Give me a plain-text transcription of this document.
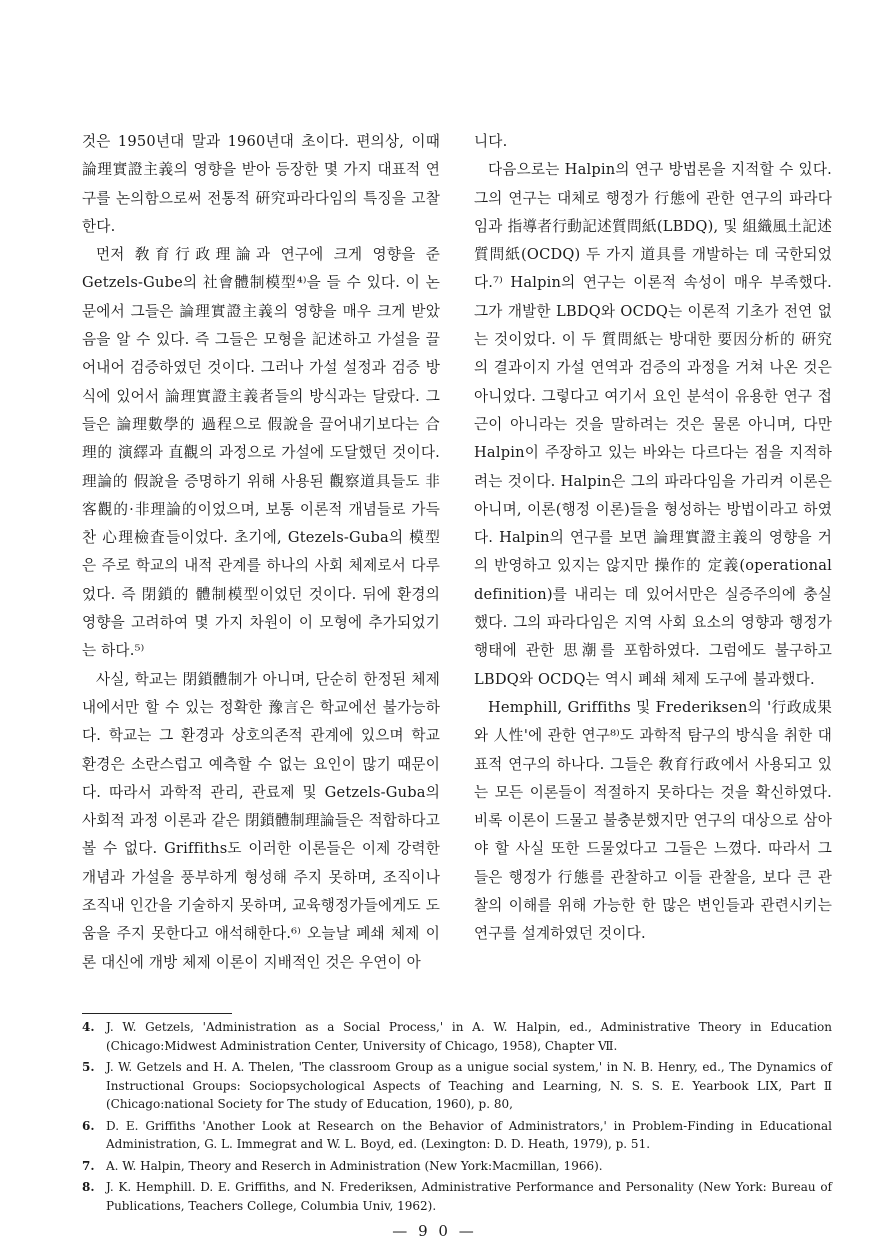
것은 1950년대 말과 1960년대 초이다. 편의상, 이때 論理實證主義의 영향을 받아 등장한 몇 가지 대표적 연구를 논의함으로써 전통적 硏究파라다임의 특징을 고찰한다.

먼저 敎育行政理論과 연구에 크게 영향을 준 Getzels-Gube의 社會體制模型⁴⁾을 들 수 있다. 이 논문에서 그들은 論理實證主義의 영향을 매우 크게 받았음을 알 수 있다. 즉 그들은 모형을 記述하고 가설을 끌어내어 검증하였던 것이다. 그러나 가설 설정과 검증 방식에 있어서 論理實證主義者들의 방식과는 달랐다. 그들은 論理數學的 過程으로 假說을 끌어내기보다는 合理的 演繹과 直觀의 과정으로 가설에 도달했던 것이다. 理論的 假說을 증명하기 위해 사용된 觀察道具들도 非客觀的·非理論的이었으며, 보통 이론적 개념들로 가득 찬 心理檢査들이었다. 초기에, Gtezels-Guba의 模型은 주로 학교의 내적 관계를 하나의 사회 체제로서 다루었다. 즉 閉鎖的 體制模型이었던 것이다. 뒤에 환경의 영향을 고려하여 몇 가지 차원이 이 모형에 추가되었기는 하다.⁵⁾

사실, 학교는 閉鎖體制가 아니며, 단순히 한정된 체제 내에서만 할 수 있는 정확한 豫言은 학교에선 불가능하다. 학교는 그 환경과 상호의존적 관계에 있으며 학교 환경은 소란스럽고 예측할 수 없는 요인이 많기 때문이다. 따라서 과학적 관리, 관료제 및 Getzels-Guba의 사회적 과정 이론과 같은 閉鎖體制理論들은 적합하다고 볼 수 없다. Griffiths도 이러한 이론들은 이제 강력한 개념과 가설을 풍부하게 형성해 주지 못하며, 조직이나 조직내 인간을 기술하지 못하며, 교육행정가들에게도 도움을 주지 못한다고 애석해한다.⁶⁾ 오늘날 폐쇄 체제 이론 대신에 개방 체제 이론이 지배적인 것은 우연이 아

니다.

다음으로는 Halpin의 연구 방법론을 지적할 수 있다. 그의 연구는 대체로 행정가 行態에 관한 연구의 파라다임과 指導者行動記述質問紙(LBDQ), 및 組織風土記述質問紙(OCDQ) 두 가지 道具를 개발하는 데 국한되었다.⁷⁾ Halpin의 연구는 이론적 속성이 매우 부족했다. 그가 개발한 LBDQ와 OCDQ는 이론적 기초가 전연 없는 것이었다. 이 두 質問紙는 방대한 要因分析的 硏究의 결과이지 가설 연역과 검증의 과정을 거쳐 나온 것은 아니었다. 그렇다고 여기서 요인 분석이 유용한 연구 접근이 아니라는 것을 말하려는 것은 물론 아니며, 다만 Halpin이 주장하고 있는 바와는 다르다는 점을 지적하려는 것이다. Halpin은 그의 파라다임을 가리켜 이론은 아니며, 이론(행정 이론)들을 형성하는 방법이라고 하였다. Halpin의 연구를 보면 論理實證主義의 영향을 거의 반영하고 있지는 않지만 操作的 定義(operational definition)를 내리는 데 있어서만은 실증주의에 충실했다. 그의 파라다임은 지역 사회 요소의 영향과 행정가 행태에 관한 思潮를 포함하였다. 그럼에도 불구하고 LBDQ와 OCDQ는 역시 폐쇄 체제 도구에 불과했다.

Hemphill, Griffiths 및 Frederiksen의 '行政成果와 人性'에 관한 연구⁸⁾도 과학적 탐구의 방식을 취한 대표적 연구의 하나다. 그들은 敎育行政에서 사용되고 있는 모든 이론들이 적절하지 못하다는 것을 확신하였다. 비록 이론이 드물고 불충분했지만 연구의 대상으로 삼아야 할 사실 또한 드물었다고 그들은 느꼈다. 따라서 그들은 행정가 行態를 관찰하고 이들 관찰을, 보다 큰 관찰의 이해를 위해 가능한 한 많은 변인들과 관련시키는 연구를 설계하였던 것이다.

4. J. W. Getzels, 'Administration as a Social Process,' in A. W. Halpin, ed., Administrative Theory in Education (Chicago:Midwest Administration Center, University of Chicago, 1958), Chapter Ⅶ.
5. J. W. Getzels and H. A. Thelen, 'The classroom Group as a unigue social system,' in N. B. Henry, ed., The Dynamics of Instructional Groups: Sociopsychological Aspects of Teaching and Learning, N. S. S. E. Yearbook LIX, Part Ⅱ (Chicago:national Society for The study of Education, 1960), p. 80,
6. D. E. Griffiths 'Another Look at Research on the Behavior of Administrators,' in Problem-Finding in Educational Administration, G. L. Immegrat and W. L. Boyd, ed. (Lexington: D. D. Heath, 1979), p. 51.
7. A. W. Halpin, Theory and Reserch in Administration (New York:Macmillan, 1966).
8. J. K. Hemphill. D. E. Griffiths, and N. Frederiksen, Administrative Performance and Personality (New York: Bureau of Publications, Teachers College, Columbia Univ, 1962).
— 9 0 —
